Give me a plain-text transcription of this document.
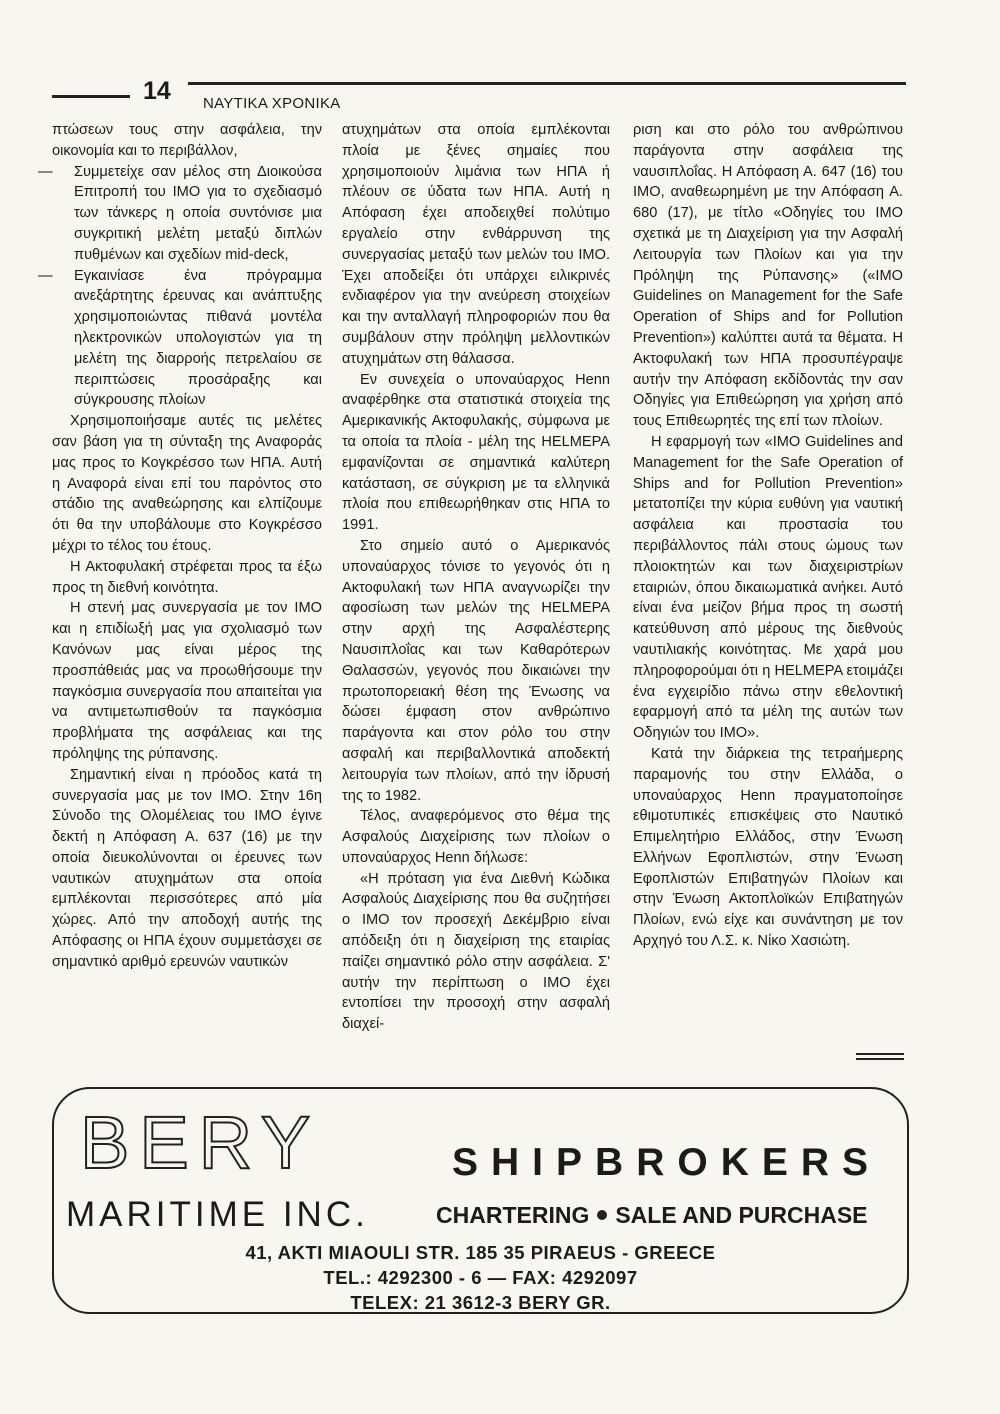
14 ΝΑΥΤΙΚΑ ΧΡΟΝΙΚΑ

πτώσεων τους στην ασφάλεια, την οικονομία και το περιβάλλον,

— Συμμετείχε σαν μέλος στη Διοικούσα Επιτροπή του ΙΜΟ για το σχεδιασμό των τάνκερς η οποία συντόνισε μια συγκριτική μελέτη μεταξύ διπλών πυθμένων και σχεδίων mid-deck,

— Εγκαινίασε ένα πρόγραμμα ανεξάρτητης έρευνας και ανάπτυξης χρησιμοποιώντας πιθανά μοντέλα ηλεκτρονικών υπολογιστών για τη μελέτη της διαρροής πετρελαίου σε περιπτώσεις προσάραξης και σύγκρουσης πλοίων

Χρησιμοποιήσαμε αυτές τις μελέτες σαν βάση για τη σύνταξη της Αναφοράς μας προς το Κογκρέσσο των ΗΠΑ. Αυτή η Αναφορά είναι επί του παρόντος στο στάδιο της αναθεώρησης και ελπίζουμε ότι θα την υποβάλουμε στο Κογκρέσσο μέχρι το τέλος του έτους.

Η Ακτοφυλακή στρέφεται προς τα έξω προς τη διεθνή κοινότητα.

Η στενή μας συνεργασία με τον ΙΜΟ και η επιδίωξή μας για σχολιασμό των Κανόνων μας είναι μέρος της προσπάθειάς μας να προωθήσουμε την παγκόσμια συνεργασία που απαιτείται για να αντιμετωπισθούν τα παγκόσμια προβλήματα της ασφάλειας και της πρόληψης της ρύπανσης.

Σημαντική είναι η πρόοδος κατά τη συνεργασία μας με τον ΙΜΟ. Στην 16η Σύνοδο της Ολομέλειας του ΙΜΟ έγινε δεκτή η Απόφαση Α. 637 (16) με την οποία διευκολύνονται οι έρευνες των ναυτικών ατυχημάτων στα οποία εμπλέκονται περισσότερες από μία χώρες. Από την αποδοχή αυτής της Απόφασης οι ΗΠΑ έχουν συμμετάσχει σε σημαντικό αριθμό ερευνών ναυτικών

ατυχημάτων στα οποία εμπλέκονται πλοία με ξένες σημαίες που χρησιμοποιούν λιμάνια των ΗΠΑ ή πλέουν σε ύδατα των ΗΠΑ. Αυτή η Απόφαση έχει αποδειχθεί πολύτιμο εργαλείο στην ενθάρρυνση της συνεργασίας μεταξύ των μελών του ΙΜΟ. Έχει αποδείξει ότι υπάρχει ειλικρινές ενδιαφέρον για την ανεύρεση στοιχείων και την ανταλλαγή πληροφοριών που θα συμβάλουν στην πρόληψη μελλοντικών ατυχημάτων στη θάλασσα.

Εν συνεχεία ο υποναύαρχος Henn αναφέρθηκε στα στατιστικά στοιχεία της Αμερικανικής Ακτοφυλακής, σύμφωνα με τα οποία τα πλοία - μέλη της HELMEPA εμφανίζονται σε σημαντικά καλύτερη κατάσταση, σε σύγκριση με τα ελληνικά πλοία που επιθεωρήθηκαν στις ΗΠΑ το 1991.

Στο σημείο αυτό ο Αμερικανός υποναύαρχος τόνισε το γεγονός ότι η Ακτοφυλακή των ΗΠΑ αναγνωρίζει την αφοσίωση των μελών της HELMEPA στην αρχή της Ασφαλέστερης Ναυσιπλοΐας και των Καθαρότερων Θαλασσών, γεγονός που δικαιώνει την πρωτοπορειακή θέση της Ένωσης να δώσει έμφαση στον ανθρώπινο παράγοντα και στον ρόλο του στην ασφαλή και περιβαλλοντικά αποδεκτή λειτουργία των πλοίων, από την ίδρυσή της το 1982.

Τέλος, αναφερόμενος στο θέμα της Ασφαλούς Διαχείρισης των πλοίων ο υποναύαρχος Henn δήλωσε:

«Η πρόταση για ένα Διεθνή Κώδικα Ασφαλούς Διαχείρισης που θα συζητήσει ο ΙΜΟ τον προσεχή Δεκέμβριο είναι απόδειξη ότι η διαχείριση της εταιρίας παίζει σημαντικό ρόλο στην ασφάλεια. Σ' αυτήν την περίπτωση ο ΙΜΟ έχει εντοπίσει την προσοχή στην ασφαλή διαχεί-

ριση και στο ρόλο του ανθρώπινου παράγοντα στην ασφάλεια της ναυσιπλοΐας. Η Απόφαση Α. 647 (16) του ΙΜΟ, αναθεωρημένη με την Απόφαση Α. 680 (17), με τίτλο «Οδηγίες του ΙΜΟ σχετικά με τη Διαχείριση για την Ασφαλή Λειτουργία των Πλοίων και για την Πρόληψη της Ρύπανσης» («ΙΜΟ Guidelines on Management for the Safe Operation of Ships and for Pollution Prevention») καλύπτει αυτά τα θέματα. Η Ακτοφυλακή των ΗΠΑ προσυπέγραψε αυτήν την Απόφαση εκδίδοντάς την σαν Οδηγίες για Επιθεώρηση για χρήση από τους Επιθεωρητές της επί των πλοίων.

Η εφαρμογή των «ΙΜΟ Guidelines and Management for the Safe Operation of Ships and for Pollution Prevention» μετατοπίζει την κύρια ευθύνη για ναυτική ασφάλεια και προστασία του περιβάλλοντος πάλι στους ώμους των πλοιοκτητών και των διαχειριστρίων εταιριών, όπου δικαιωματικά ανήκει. Αυτό είναι ένα μείζον βήμα προς τη σωστή κατεύθυνση από μέρους της διεθνούς ναυτιλιακής κοινότητας. Με χαρά μου πληροφορούμαι ότι η HELMEPA ετοιμάζει ένα εγχειρίδιο πάνω στην εθελοντική εφαρμογή από τα μέλη της αυτών των Οδηγιών του ΙΜΟ».

Κατά την διάρκεια της τετραήμερης παραμονής του στην Ελλάδα, ο υποναύαρχος Henn πραγματοποίησε εθιμοτυπικές επισκέψεις στο Ναυτικό Επιμελητήριο Ελλάδος, στην Ένωση Ελλήνων Εφοπλιστών, στην Ένωση Εφοπλιστών Επιβατηγών Πλοίων και στην Ένωση Ακτοπλοϊκών Επιβατηγών Πλοίων, ενώ είχε και συνάντηση με τον Αρχηγό του Λ.Σ. κ. Νίκο Χασιώτη.

BERY
MARITIME INC.
SHIPBROKERS
CHARTERING SALE AND PURCHASE
41, AKTI MIAOULI STR. 185 35 PIRAEUS - GREECE
TEL.: 4292300 - 6 — FAX: 4292097
TELEX: 21 3612-3 BERY GR.
